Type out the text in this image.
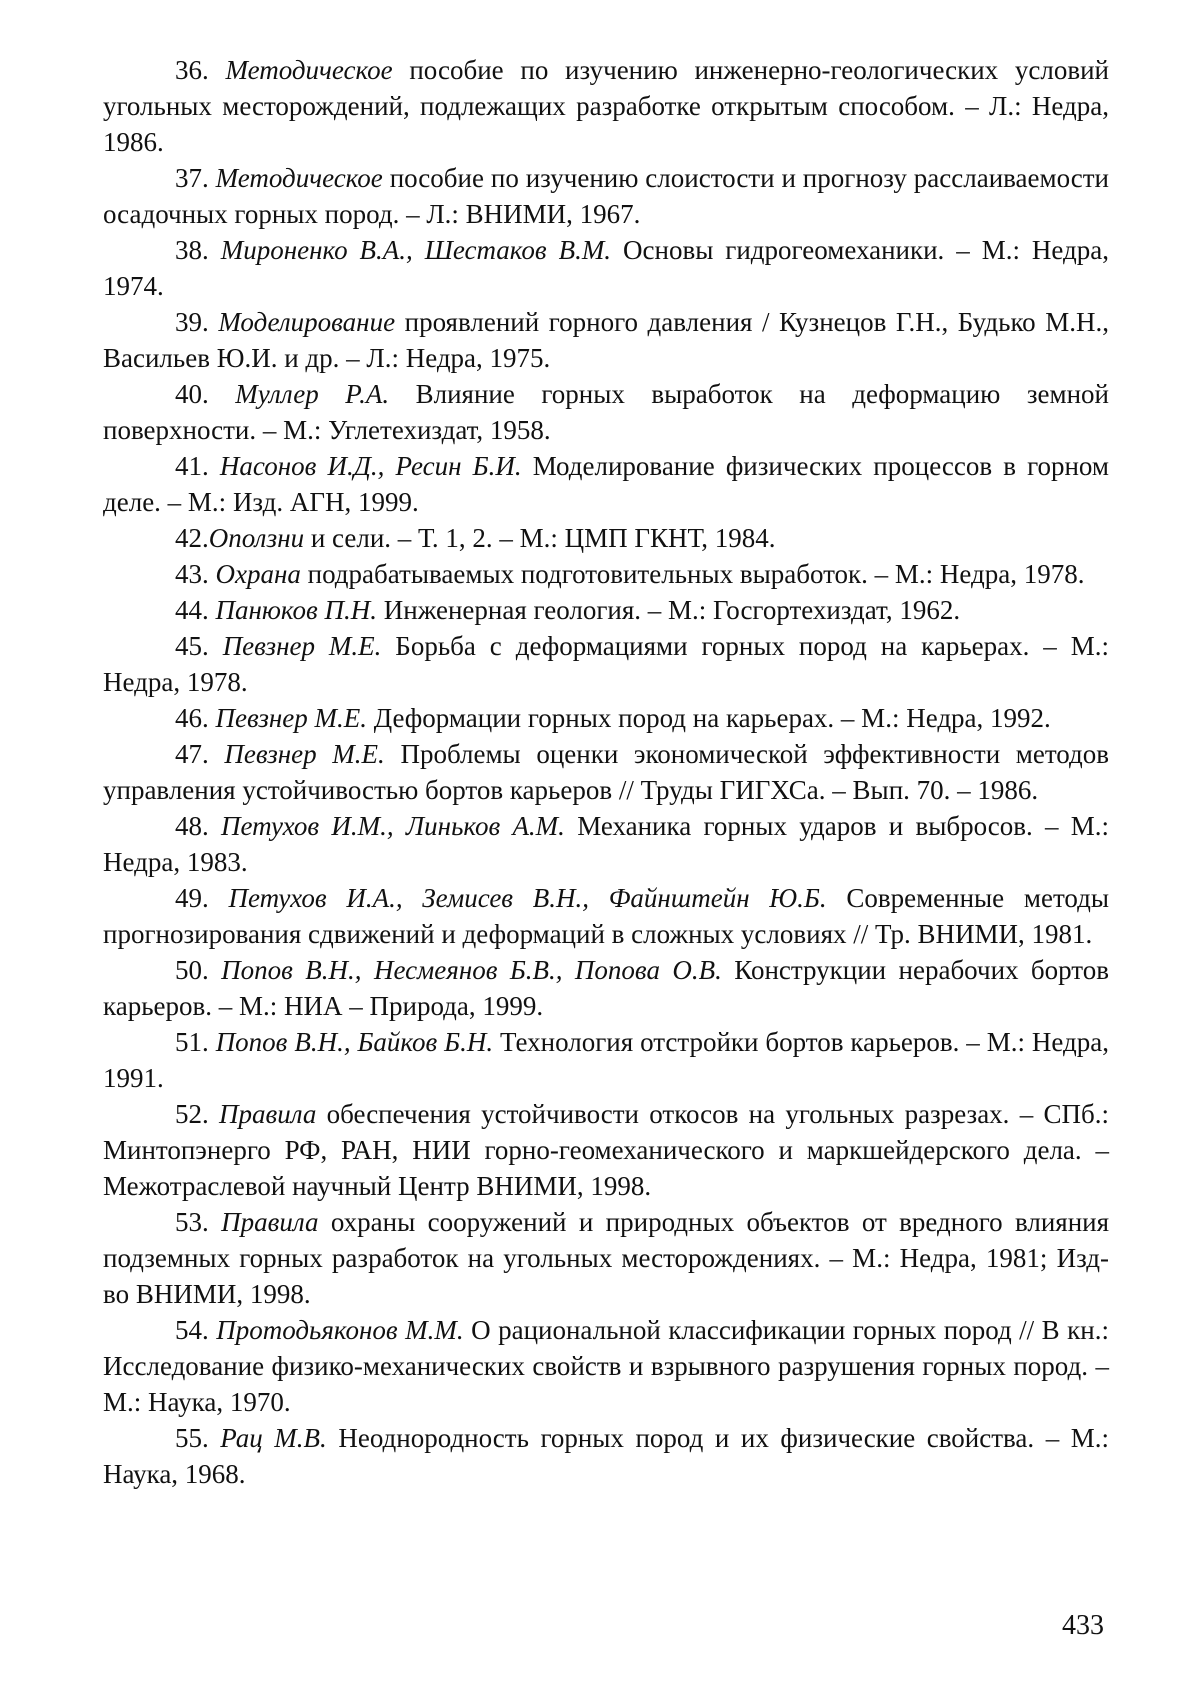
36. Методическое пособие по изучению инженерно-геологических условий угольных месторождений, подлежащих разработке открытым способом. – Л.: Недра, 1986.

37. Методическое пособие по изучению слоистости и прогнозу расслаиваемости осадочных горных пород. – Л.: ВНИМИ, 1967.

38. Мироненко В.А., Шестаков В.М. Основы гидрогеомеханики. – М.: Недра, 1974.

39. Моделирование проявлений горного давления / Кузнецов Г.Н., Будько М.Н., Васильев Ю.И. и др. – Л.: Недра, 1975.

40. Муллер Р.А. Влияние горных выработок на деформацию земной поверхности. – М.: Углетехиздат, 1958.

41. Насонов И.Д., Ресин Б.И. Моделирование физических процессов в горном деле. – М.: Изд. АГН, 1999.

42.Оползни и сели. – Т. 1, 2. – М.: ЦМП ГКНТ, 1984.

43. Охрана подрабатываемых подготовительных выработок. – М.: Недра, 1978.

44. Панюков П.Н. Инженерная геология. – М.: Госгортехиздат, 1962.

45. Певзнер М.Е. Борьба с деформациями горных пород на карьерах. – М.: Недра, 1978.

46. Певзнер М.Е. Деформации горных пород на карьерах. – М.: Недра, 1992.

47. Певзнер М.Е. Проблемы оценки экономической эффективности методов управления устойчивостью бортов карьеров // Труды ГИГХСа. – Вып. 70. – 1986.

48. Петухов И.М., Линьков А.М. Механика горных ударов и выбросов. – М.: Недра, 1983.

49. Петухов И.А., Земисев В.Н., Файнштейн Ю.Б. Современные методы прогнозирования сдвижений и деформаций в сложных условиях // Тр. ВНИМИ, 1981.

50. Попов В.Н., Несмеянов Б.В., Попова О.В. Конструкции нерабочих бортов карьеров. – М.: НИА – Природа, 1999.

51. Попов В.Н., Байков Б.Н. Технология отстройки бортов карьеров. – М.: Недра, 1991.

52. Правила обеспечения устойчивости откосов на угольных разрезах. – СПб.: Минтопэнерго РФ, РАН, НИИ горно-геомеханического и маркшейдерского дела. – Межотраслевой научный Центр ВНИМИ, 1998.

53. Правила охраны сооружений и природных объектов от вредного влияния подземных горных разработок на угольных месторождениях. – М.: Недра, 1981; Изд-во ВНИМИ, 1998.

54. Протодьяконов М.М. О рациональной классификации горных пород // В кн.: Исследование физико-механических свойств и взрывного разрушения горных пород. – М.: Наука, 1970.

55. Рац М.В. Неоднородность горных пород и их физические свойства. – М.: Наука, 1968.

433
